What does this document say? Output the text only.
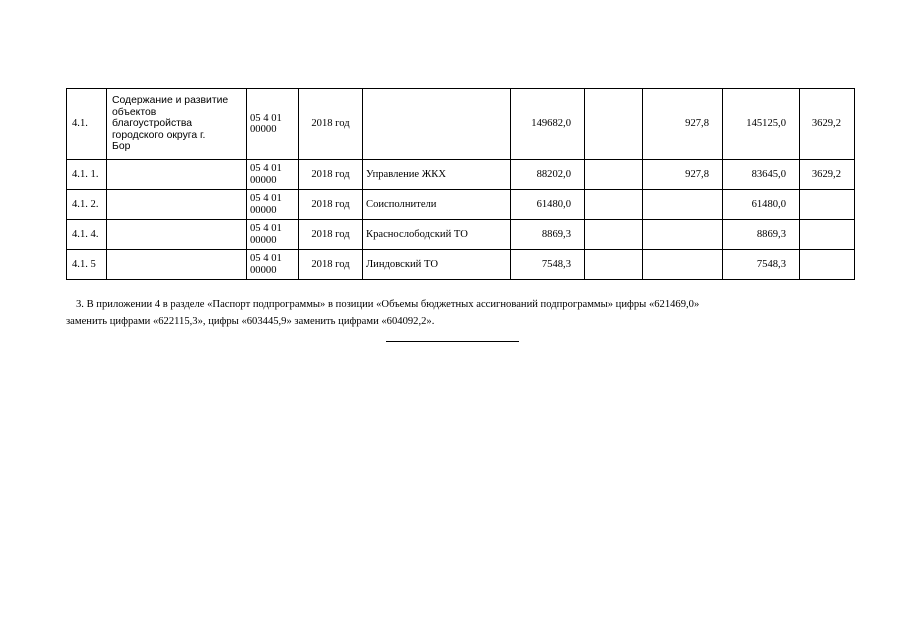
4.1.	Содержание и развитие
объектов
благоустройства
городского округа г.
Бор	05 4 01 00000	2018 год		149682,0		927,8	145125,0	3629,2
4.1. 1.		05 4 01 00000	2018 год	Управление ЖКХ	88202,0		927,8	83645,0	3629,2
4.1. 2.		05 4 01 00000	2018 год	Соисполнители	61480,0			61480,0	
4.1. 4.		05 4 01 00000	2018 год	Краснослободский ТО	8869,3			8869,3	
4.1. 5		05 4 01 00000	2018 год	Линдовский ТО	7548,3			7548,3	

3. В приложении 4 в разделе «Паспорт подпрограммы» в позиции «Объемы бюджетных ассигнований подпрограммы» цифры «621469,0»

заменить цифрами «622115,3», цифры «603445,9» заменить цифрами «604092,2».
